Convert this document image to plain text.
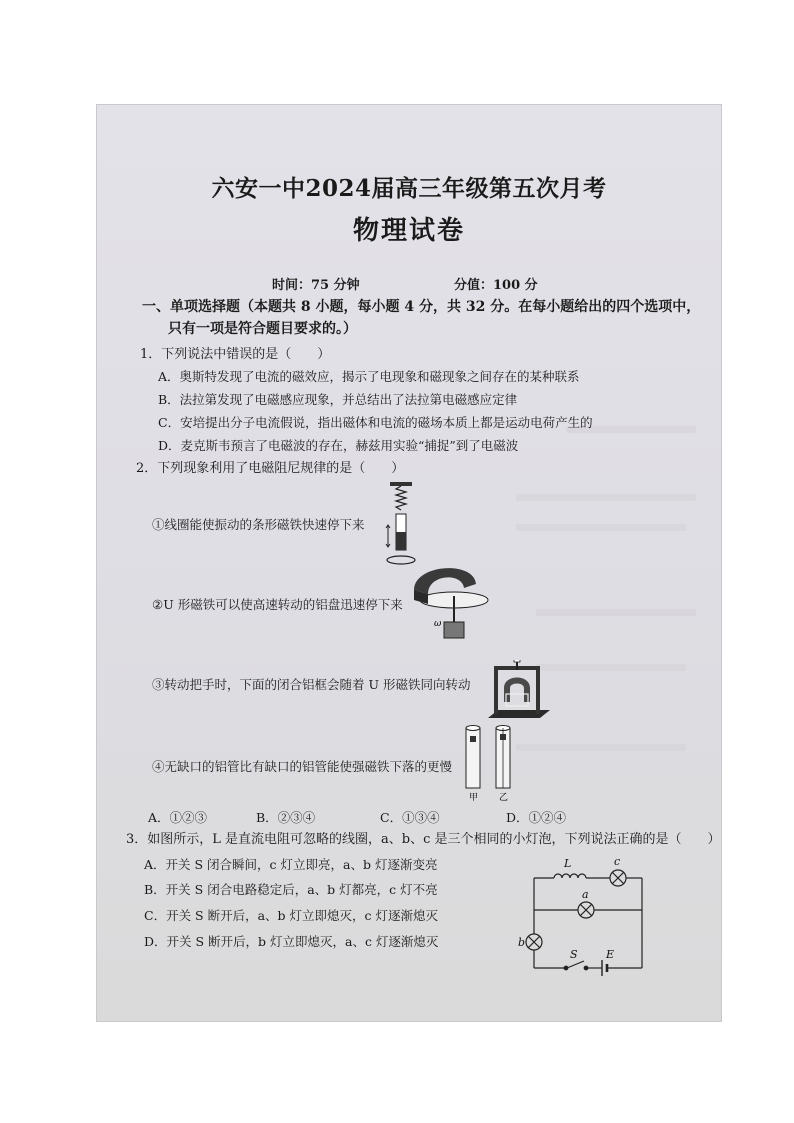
六安一中2024届高三年级第五次月考
物理试卷
时间：75 分钟	分值：100 分
一、单项选择题（本题共 8 小题，每小题 4 分，共 32 分。在每小题给出的四个选项中，
只有一项是符合题目要求的。）
1．下列说法中错误的是（　　）
A．奥斯特发现了电流的磁效应，揭示了电现象和磁现象之间存在的某种联系
B．法拉第发现了电磁感应现象，并总结出了法拉第电磁感应定律
C．安培提出分子电流假说，指出磁体和电流的磁场本质上都是运动电荷产生的
D．麦克斯韦预言了电磁波的存在，赫兹用实验“捕捉”到了电磁波
2．下列现象利用了电磁阻尼规律的是（　　）
①线圈能使振动的条形磁铁快速停下来
②U 形磁铁可以使高速转动的铝盘迅速停下来
③转动把手时，下面的闭合铝框会随着 U 形磁铁同向转动
④无缺口的铝管比有缺口的铝管能使强磁铁下落的更慢
ω
甲 乙
A．①②③	B．②③④	C．①③④	D．①②④
3．如图所示，L 是直流电阻可忽略的线圈，a、b、c 是三个相同的小灯泡，下列说法正确的是（　　）
A．开关 S 闭合瞬间，c 灯立即亮，a、b 灯逐渐变亮
B．开关 S 闭合电路稳定后，a、b 灯都亮，c 灯不亮
C．开关 S 断开后，a、b 灯立即熄灭，c 灯逐渐熄灭
D．开关 S 断开后，b 灯立即熄灭，a、c 灯逐渐熄灭
L	c
a
b
S	E
